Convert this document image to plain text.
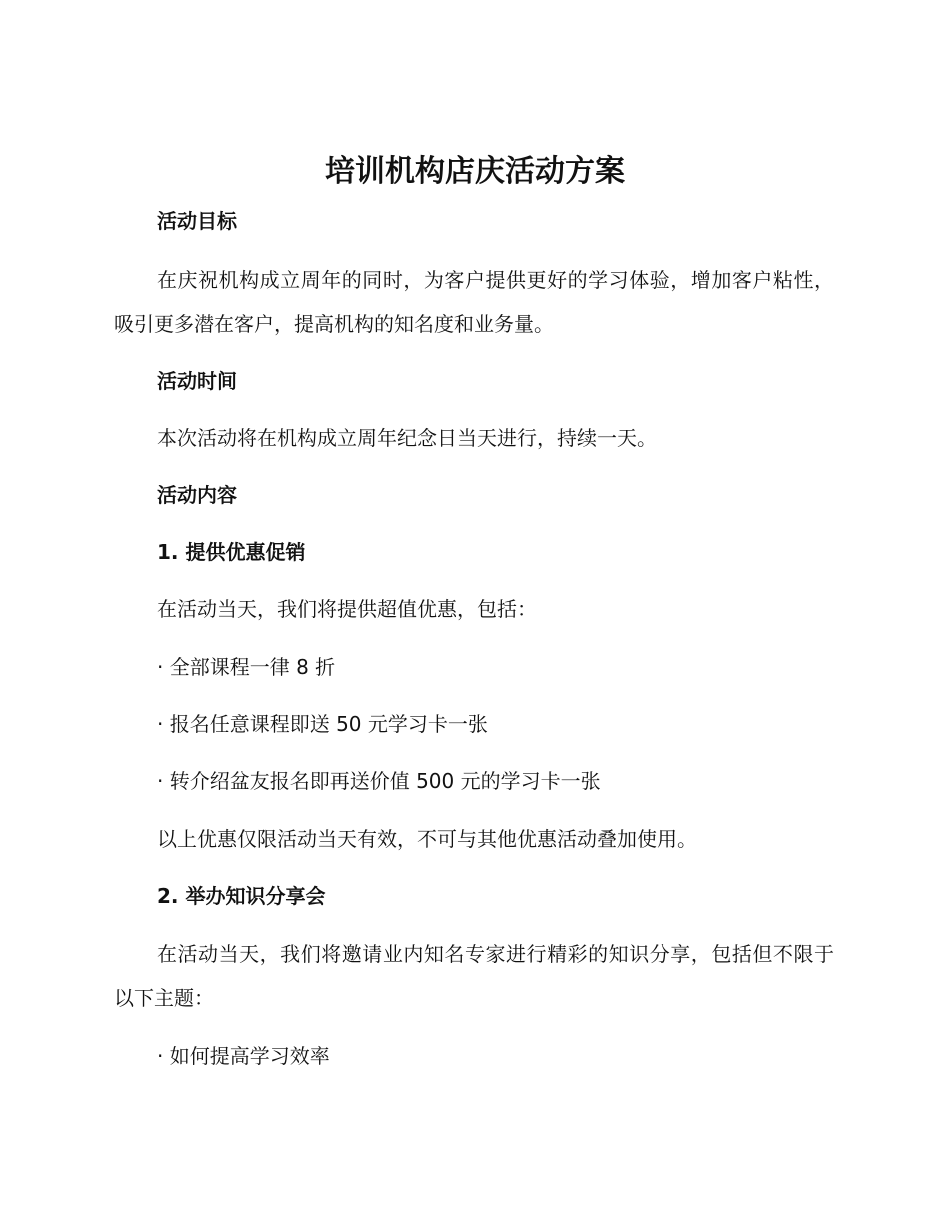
培训机构店庆活动方案

活动目标

在庆祝机构成立周年的同时，为客户提供更好的学习体验，增加客户粘性，吸引更多潜在客户，提高机构的知名度和业务量。

活动时间

本次活动将在机构成立周年纪念日当天进行，持续一天。

活动内容

1. 提供优惠促销

在活动当天，我们将提供超值优惠，包括：

· 全部课程一律 8 折

· 报名任意课程即送 50 元学习卡一张

· 转介绍盆友报名即再送价值 500 元的学习卡一张

以上优惠仅限活动当天有效，不可与其他优惠活动叠加使用。

2. 举办知识分享会

在活动当天，我们将邀请业内知名专家进行精彩的知识分享，包括但不限于以下主题：

· 如何提高学习效率
